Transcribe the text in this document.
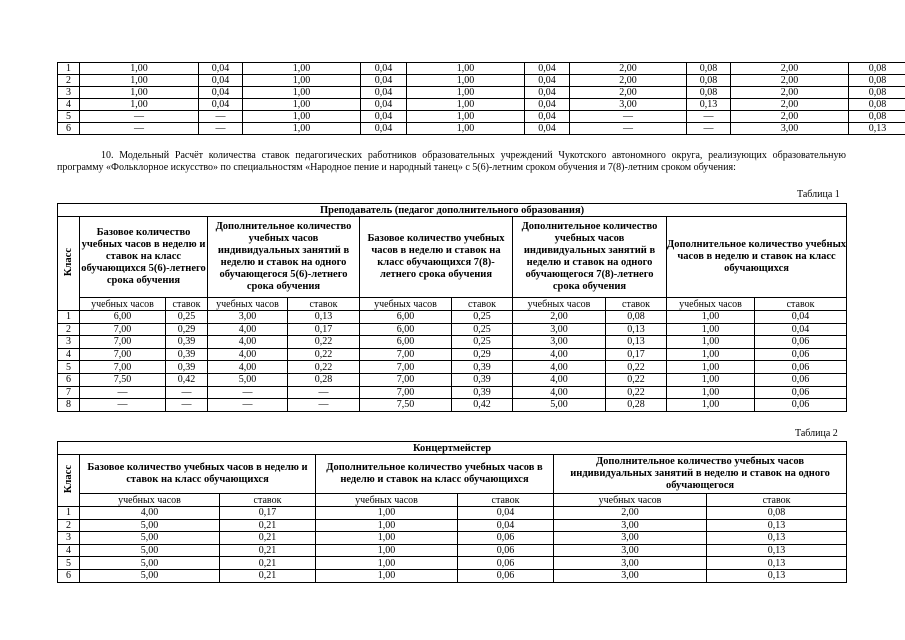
1	1,00	0,04	1,00	0,04	1,00	0,04	2,00	0,08	2,00	0,08
2	1,00	0,04	1,00	0,04	1,00	0,04	2,00	0,08	2,00	0,08
3	1,00	0,04	1,00	0,04	1,00	0,04	2,00	0,08	2,00	0,08
4	1,00	0,04	1,00	0,04	1,00	0,04	3,00	0,13	2,00	0,08
5	—	—	1,00	0,04	1,00	0,04	—	—	2,00	0,08
6	—	—	1,00	0,04	1,00	0,04	—	—	3,00	0,13
10. Модельный Расчёт количества ставок педагогических работников образовательных учреждений Чукотского автономного округа, реализующих образовательную программу «Фольклорное искусство» по специальностям «Народное пение и народный танец» с 5(6)-летним сроком обучения и 7(8)-летним сроком обучения:
Таблица 1
Преподаватель (педагог дополнительного образования)										
Класс	Базовое количество учебных часов в неделю и ставок на класс обучающихся 5(6)-летнего срока обучения		Дополнительное количество учебных часов индивидуальных занятий в неделю и ставок на одного обучающегося 5(6)-летнего срока обучения		Базовое количество учебных часов в неделю и ставок на класс обучающихся 7(8)-летнего срока обучения		Дополнительное количество учебных часов индивидуальных занятий в неделю и ставок на одного обучающегося 7(8)-летнего срока обучения		Дополнительное количество учебных часов в неделю и ставок на класс обучающихся	
	учебных часов	ставок	учебных часов	ставок	учебных часов	ставок	учебных часов	ставок	учебных часов	ставок
1	6,00	0,25	3,00	0,13	6,00	0,25	2,00	0,08	1,00	0,04
2	7,00	0,29	4,00	0,17	6,00	0,25	3,00	0,13	1,00	0,04
3	7,00	0,39	4,00	0,22	6,00	0,25	3,00	0,13	1,00	0,06
4	7,00	0,39	4,00	0,22	7,00	0,29	4,00	0,17	1,00	0,06
5	7,00	0,39	4,00	0,22	7,00	0,39	4,00	0,22	1,00	0,06
6	7,50	0,42	5,00	0,28	7,00	0,39	4,00	0,22	1,00	0,06
7	—	—	—	—	7,00	0,39	4,00	0,22	1,00	0,06
8	—	—	—	—	7,50	0,42	5,00	0,28	1,00	0,06
Таблица 2
Концертмейстер						
Класс	Базовое количество учебных часов в неделю и ставок на класс обучающихся		Дополнительное количество учебных часов в неделю и ставок на класс обучающихся		Дополнительное количество учебных часов индивидуальных занятий в неделю и ставок на одного обучающегося	
	учебных часов	ставок	учебных часов	ставок	учебных часов	ставок
1	4,00	0,17	1,00	0,04	2,00	0,08
2	5,00	0,21	1,00	0,04	3,00	0,13
3	5,00	0,21	1,00	0,06	3,00	0,13
4	5,00	0,21	1,00	0,06	3,00	0,13
5	5,00	0,21	1,00	0,06	3,00	0,13
6	5,00	0,21	1,00	0,06	3,00	0,13
